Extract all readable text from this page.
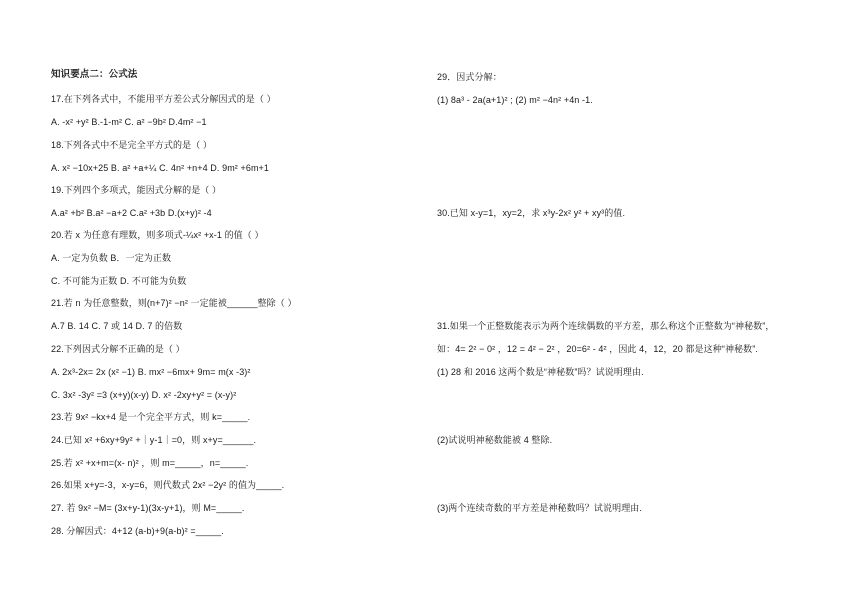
知识要点二：公式法
17.在下列各式中，不能用平方差公式分解因式的是（ ）
A. -x² +y² B.-1-m² C. a² −9b² D.4m² −1
18.下列各式中不是完全平方式的是（ ）
A. x² −10x+25 B. a² +a+¼ C. 4n² +n+4 D. 9m² +6m+1
19.下列四个多项式，能因式分解的是（ ）
A.a² +b² B.a² −a+2 C.a² +3b D.(x+y)² -4
20.若 x 为任意有理数，则多项式-¼x² +x-1 的值（ ）
A. 一定为负数 B．一定为正数
C. 不可能为正数 D. 不可能为负数
21.若 n 为任意整数，则(n+7)² −n² 一定能被______整除（ ）
A.7 B. 14 C. 7 或 14 D. 7 的倍数
22.下列因式分解不正确的是（ ）
A. 2x³-2x= 2x (x² −1) B. mx² −6mx+ 9m= m(x -3)²
C. 3x² -3y² =3 (x+y)(x-y) D. x² -2xy+y² = (x-y)²
23.若 9x² −kx+4 是一个完全平方式，则 k=_____.
24.已知 x² +6xy+9y² +｜y-1｜=0，则 x+y=______.
25.若 x² +x+m=(x- n)² ，则 m=_____，n=_____.
26.如果 x+y=-3，x-y=6，则代数式 2x² −2y² 的值为_____.
27. 若 9x² −M= (3x+y-1)(3x-y+1)，则 M=_____.
28. 分解因式：4+12 (a-b)+9(a-b)² =_____.
29．因式分解：
(1) 8a³ - 2a(a+1)² ; (2) m² −4n² +4n -1.
30.已知 x-y=1，xy=2，求 x³y-2x² y² + xy³的值.
31.如果一个正整数能表示为两个连续偶数的平方差，那么称这个正整数为“神秘数”，
如：4= 2² − 0² ，12 = 4² − 2² ，20=6² - 4² ，因此 4，12，20 都是这种“神秘数”.
(1) 28 和 2016 这两个数是“神秘数”吗？试说明理由.
(2)试说明神秘数能被 4 整除.
(3)两个连续奇数的平方差是神秘数吗？试说明理由.
